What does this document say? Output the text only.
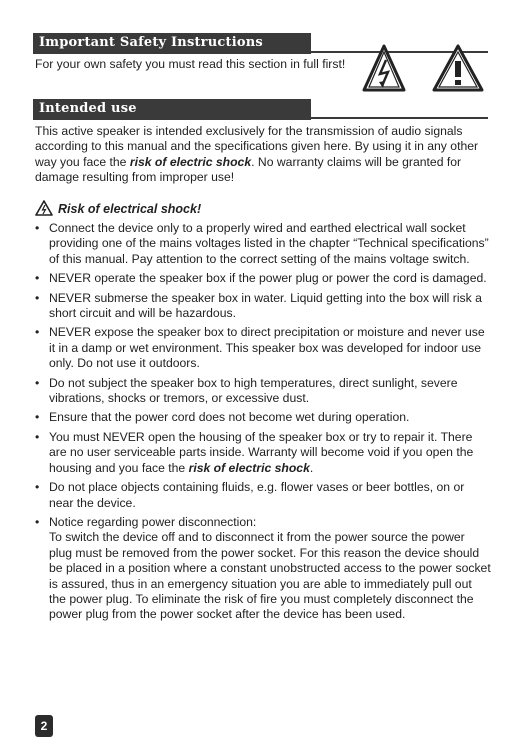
Important Safety Instructions

For your own safety you must read this section in full first!

Intended use

This active speaker is intended exclusively for the transmission of audio signals according to this manual and the specifications given here. By using it in any other way you face the risk of electric shock. No warranty claims will be granted for damage resulting from improper use!

Risk of electrical shock!
• Connect the device only to a properly wired and earthed electrical wall socket providing one of the mains voltages listed in the chapter “Technical specifications” of this manual. Pay attention to the correct setting of the mains voltage switch.
• NEVER operate the speaker box if the power plug or power the cord is damaged.
• NEVER submerse the speaker box in water. Liquid getting into the box will risk a short circuit and will be hazardous.
• NEVER expose the speaker box to direct precipitation or moisture and never use it in a damp or wet environment. This speaker box was developed for indoor use only. Do not use it outdoors.
• Do not subject the speaker box to high temperatures, direct sunlight, severe vibrations, shocks or tremors, or excessive dust.
• Ensure that the power cord does not become wet during operation.
• You must NEVER open the housing of the speaker box or try to repair it. There are no user serviceable parts inside. Warranty will become void if you open the housing and you face the risk of electric shock.
• Do not place objects containing fluids, e.g. flower vases or beer bottles, on or near the device.
• Notice regarding power disconnection:
To switch the device off and to disconnect it from the power source the power plug must be removed from the power socket. For this reason the device should be placed in a position where a constant unobstructed access to the power socket is assured, thus in an emergency situation you are able to immediately pull out the power plug. To eliminate the risk of fire you must completely disconnect the power plug from the power socket after the device has been used.
2
